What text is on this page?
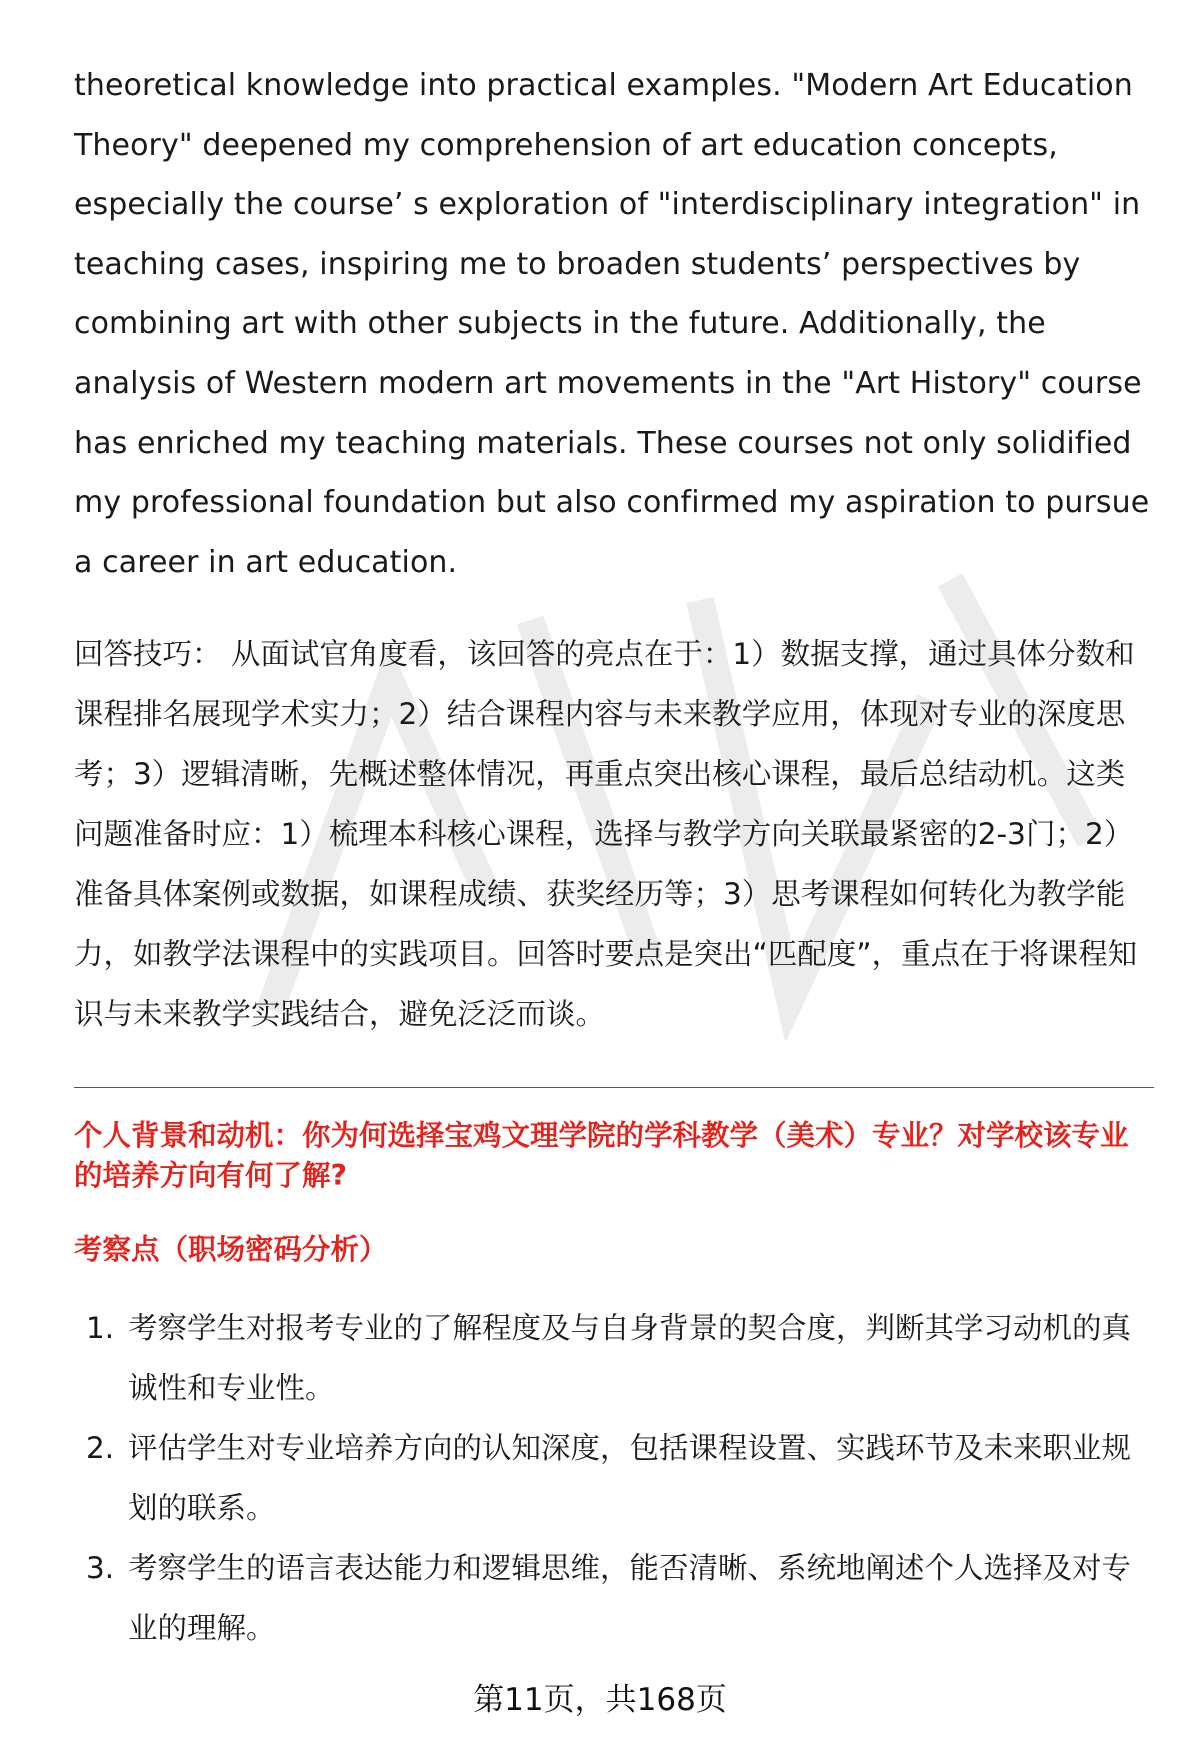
theoretical knowledge into practical examples. "Modern Art Education Theory" deepened my comprehension of art education concepts, especially the course’ s exploration of "interdisciplinary integration" in teaching cases, inspiring me to broaden students’ perspectives by combining art with other subjects in the future. Additionally, the analysis of Western modern art movements in the "Art History" course has enriched my teaching materials. These courses not only solidified my professional foundation but also confirmed my aspiration to pursue a career in art education.

回答技巧： 从面试官角度看，该回答的亮点在于：1）数据支撑，通过具体分数和课程排名展现学术实力；2）结合课程内容与未来教学应用，体现对专业的深度思考；3）逻辑清晰，先概述整体情况，再重点突出核心课程，最后总结动机。这类问题准备时应：1）梳理本科核心课程，选择与教学方向关联最紧密的2-3门；2）准备具体案例或数据，如课程成绩、获奖经历等；3）思考课程如何转化为教学能力，如教学法课程中的实践项目。回答时要点是突出“匹配度”，重点在于将课程知识与未来教学实践结合，避免泛泛而谈。

个人背景和动机：你为何选择宝鸡文理学院的学科教学（美术）专业？对学校该专业的培养方向有何了解?
考察点（职场密码分析）
1. 考察学生对报考专业的了解程度及与自身背景的契合度，判断其学习动机的真诚性和专业性。
2. 评估学生对专业培养方向的认知深度，包括课程设置、实践环节及未来职业规划的联系。
3. 考察学生的语言表达能力和逻辑思维，能否清晰、系统地阐述个人选择及对专业的理解。
第11页，共168页
